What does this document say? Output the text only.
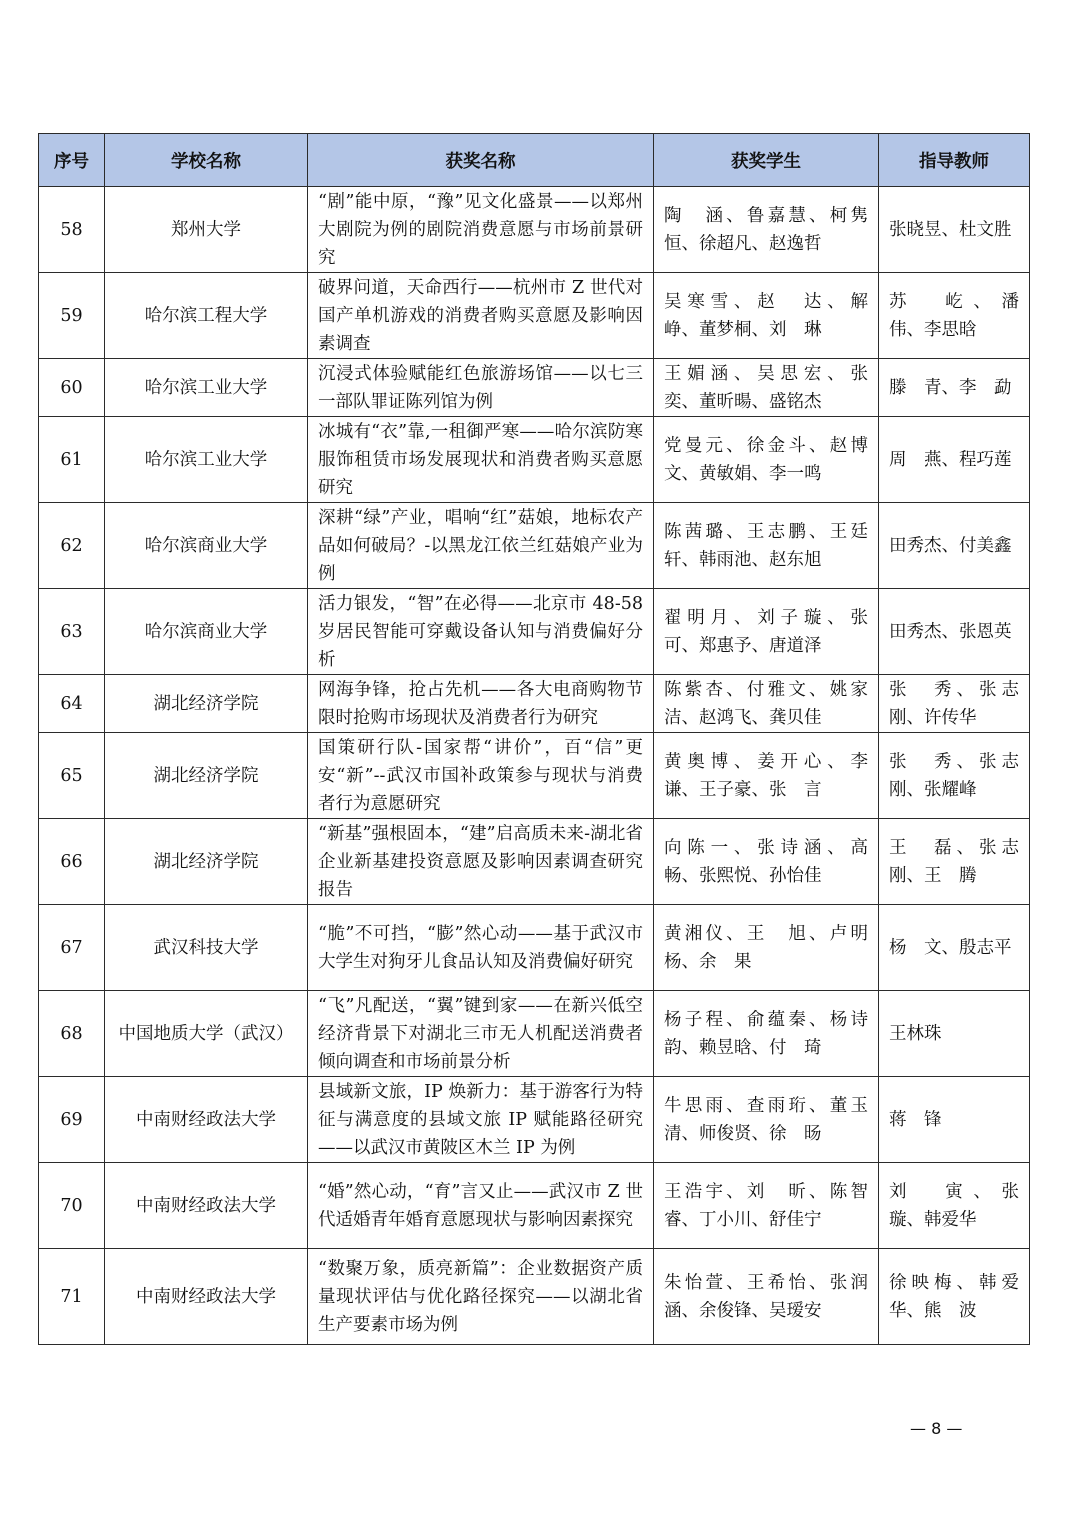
序号	学校名称	获奖名称	获奖学生	指导教师
58	郑州大学	“剧”能中原，“豫”见文化盛景——以郑州大剧院为例的剧院消费意愿与市场前景研究	陶　涵、鲁嘉慧、柯隽恒、徐超凡、赵逸哲	张晓昱、杜文胜
59	哈尔滨工程大学	破界问道，天命西行——杭州市 Z 世代对国产单机游戏的消费者购买意愿及影响因素调查	吴寒雪、赵　达、解　峥、董梦桐、刘　琳	苏　屹、潘　伟、李思晗
60	哈尔滨工业大学	沉浸式体验赋能红色旅游场馆——以七三一部队罪证陈列馆为例	王媚涵、吴思宏、张　奕、董昕暘、盛铭杰	滕　青、李　勐
61	哈尔滨工业大学	冰城有“衣”靠,一租御严寒——哈尔滨防寒服饰租赁市场发展现状和消费者购买意愿研究	党曼元、徐金斗、赵博文、黄敏娟、李一鸣	周　燕、程巧莲
62	哈尔滨商业大学	深耕“绿”产业，唱响“红”菇娘，地标农产品如何破局？-以黑龙江依兰红菇娘产业为例	陈茜璐、王志鹏、王廷轩、韩雨池、赵东旭	田秀杰、付美鑫
63	哈尔滨商业大学	活力银发，“智”在必得——北京市 48-58 岁居民智能可穿戴设备认知与消费偏好分析	翟明月、刘子璇、张　可、郑惠予、唐道泽	田秀杰、张恩英
64	湖北经济学院	网海争锋，抢占先机——各大电商购物节限时抢购市场现状及消费者行为研究	陈紫杏、付雅文、姚家洁、赵鸿飞、龚贝佳	张　秀、张志刚、许传华
65	湖北经济学院	国策研行队-国家帮“讲价”，百“信”更安“新”--武汉市国补政策参与现状与消费者行为意愿研究	黄奥博、姜开心、李　谦、王子豪、张　言	张　秀、张志刚、张耀峰
66	湖北经济学院	“新基”强根固本，“建”启高质未来-湖北省企业新基建投资意愿及影响因素调查研究报告	向陈一、张诗涵、高　畅、张熙悦、孙怡佳	王　磊、张志刚、王　腾
67	武汉科技大学	“脆”不可挡，“膨”然心动——基于武汉市大学生对狗牙儿食品认知及消费偏好研究	黄湘仪、王　旭、卢明杨、余　果	杨　文、殷志平
68	中国地质大学（武汉）	“飞”凡配送，“翼”键到家——在新兴低空经济背景下对湖北三市无人机配送消费者倾向调查和市场前景分析	杨子程、俞蕴秦、杨诗韵、赖昱晗、付　琦	王林珠
69	中南财经政法大学	县域新文旅，IP 焕新力：基于游客行为特征与满意度的县域文旅 IP 赋能路径研究——以武汉市黄陂区木兰 IP 为例	牛思雨、查雨珩、董玉清、师俊贤、徐　旸	蒋　锋
70	中南财经政法大学	“婚”然心动，“育”言又止——武汉市 Z 世代适婚青年婚育意愿现状与影响因素探究	王浩宇、刘　昕、陈智睿、丁小川、舒佳宁	刘　寅、张　璇、韩爱华
71	中南财经政法大学	“数聚万象，质亮新篇”：企业数据资产质量现状评估与优化路径探究——以湖北省生产要素市场为例	朱怡萱、王希怡、张润涵、余俊锋、吴瑷安	徐映梅、韩爱华、熊　波
— 8 —
